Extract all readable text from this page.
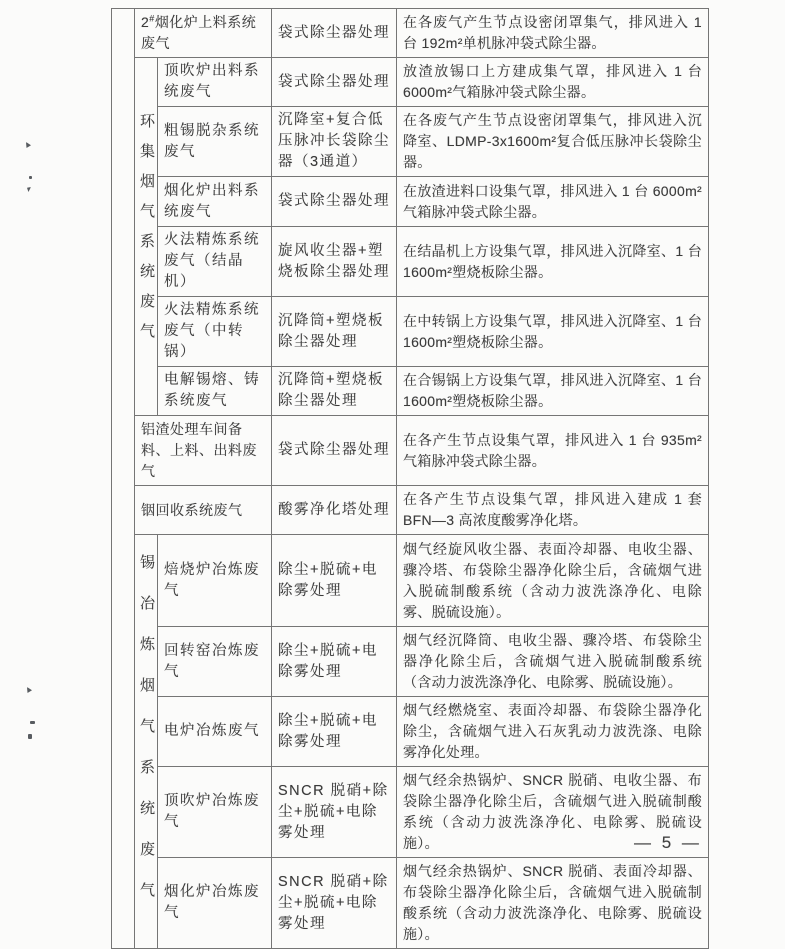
	2#烟化炉上料系统废气		袋式除尘器处理	在各废气产生节点设密闭罩集气，排风进入 1 台 192m²单机脉冲袋式除尘器。
	环集烟气系统废气	顶吹炉出料系统废气	袋式除尘器处理	放渣放锡口上方建成集气罩，排风进入 1 台 6000m²气箱脉冲袋式除尘器。
		粗锡脱杂系统废气	沉降室+复合低压脉冲长袋除尘器（3通道）	在各废气产生节点设密闭罩集气，排风进入沉降室、LDMP-3x1600m²复合低压脉冲长袋除尘器。
		烟化炉出料系统废气	袋式除尘器处理	在放渣进料口设集气罩，排风进入 1 台 6000m²气箱脉冲袋式除尘器。
		火法精炼系统废气（结晶机）	旋风收尘器+塑烧板除尘器处理	在结晶机上方设集气罩，排风进入沉降室、1 台 1600m²塑烧板除尘器。
		火法精炼系统废气（中转锅）	沉降筒+塑烧板除尘器处理	在中转锅上方设集气罩，排风进入沉降室、1 台 1600m²塑烧板除尘器。
		电解锡熔、铸系统废气	沉降筒+塑烧板除尘器处理	在合锡锅上方设集气罩，排风进入沉降室、1 台 1600m²塑烧板除尘器。
	铝渣处理车间备料、上料、出料废气		袋式除尘器处理	在各产生节点设集气罩，排风进入 1 台 935m²气箱脉冲袋式除尘器。
	铟回收系统废气		酸雾净化塔处理	在各产生节点设集气罩，排风进入建成 1 套 BFN—3 高浓度酸雾净化塔。
	锡冶炼烟气系统废气	焙烧炉冶炼废气	除尘+脱硫+电除雾处理	烟气经旋风收尘器、表面冷却器、电收尘器、骤冷塔、布袋除尘器净化除尘后，含硫烟气进入脱硫制酸系统（含动力波洗涤净化、电除雾、脱硫设施）。
		回转窑冶炼废气	除尘+脱硫+电除雾处理	烟气经沉降筒、电收尘器、骤冷塔、布袋除尘器净化除尘后，含硫烟气进入脱硫制酸系统（含动力波洗涤净化、电除雾、脱硫设施）。
		电炉冶炼废气	除尘+脱硫+电除雾处理	烟气经燃烧室、表面冷却器、布袋除尘器净化除尘，含硫烟气进入石灰乳动力波洗涤、电除雾净化处理。
		顶吹炉冶炼废气	SNCR 脱硝+除尘+脱硫+电除雾处理	烟气经余热锅炉、SNCR 脱硝、电收尘器、布袋除尘器净化除尘后，含硫烟气进入脱硫制酸系统（含动力波洗涤净化、电除雾、脱硫设施）。
		烟化炉冶炼废气	SNCR 脱硝+除尘+脱硫+电除雾处理	烟气经余热锅炉、SNCR 脱硝、表面冷却器、布袋除尘器净化除尘后，含硫烟气进入脱硫制酸系统（含动力波洗涤净化、电除雾、脱硫设施）。
— 5 —
